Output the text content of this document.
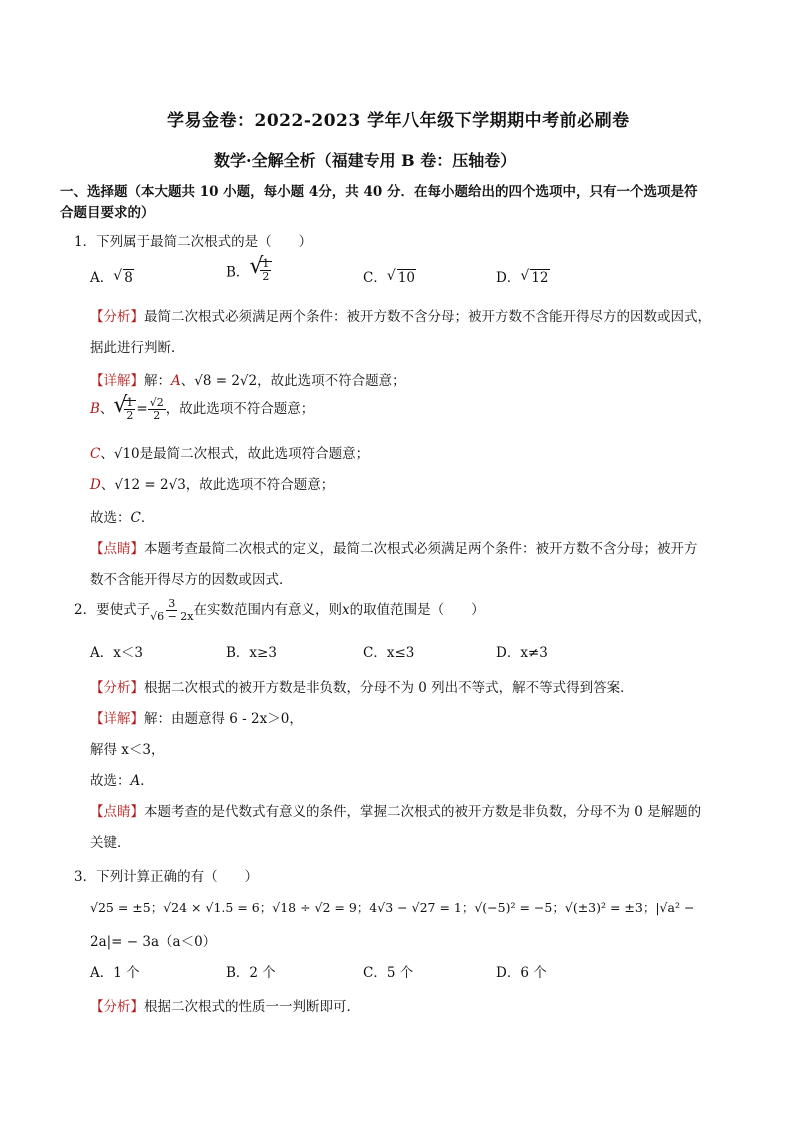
学易金卷：2022-2023 学年八年级下学期期中考前必刷卷
数学·全解全析（福建专用 B 卷：压轴卷）
一、选择题（本大题共 10 小题，每小题 4分，共 40 分．在每小题给出的四个选项中，只有一个选项是符
合题目要求的）
1．下列属于最简二次根式的是（　　）
A． √ 8	B． √
$\frac{1}{2}$	C． √ 10	D． √ 12
【分析】最简二次根式必须满足两个条件：被开方数不含分母；被开方数不含能开得尽方的因数或因式，
据此进行判断．
【详解】解：A、√8 = 2√2，故此选项不符合题意；
B、 √
$\frac{1}{2} = \frac{√2}{2}$ ，故此选项不符合题意；
C、√10是最简二次根式，故此选项符合题意；
D、√12 = 2√3，故此选项不符合题意；
故选：C．
【点睛】本题考查最简二次根式的定义，最简二次根式必须满足两个条件：被开方数不含分母；被开方
数不含能开得尽方的因数或因式．
2．要使式子 $\frac{3}{√6 - 2x}$ 在实数范围内有意义，则x的取值范围是（　　）
A．x＜3	B．x≥3	C．x≤3	D．x≠3
【分析】根据二次根式的被开方数是非负数，分母不为 0 列出不等式，解不等式得到答案．
【详解】解：由题意得 6 - 2x＞0，
解得 x＜3，
故选：A．
【点睛】本题考查的是代数式有意义的条件，掌握二次根式的被开方数是非负数，分母不为 0 是解题的
关键．
3．下列计算正确的有（　　）
√25 = ±5；√24 × √1.5 = 6；√18 ÷ √2 = 9；4√3 − √27 = 1；√(−5)² = −5；√(±3)² = ±3；|√a² −
2a|= − 3a（a＜0）
A．1 个	B．2 个	C．5 个	D．6 个
【分析】根据二次根式的性质一一判断即可．
